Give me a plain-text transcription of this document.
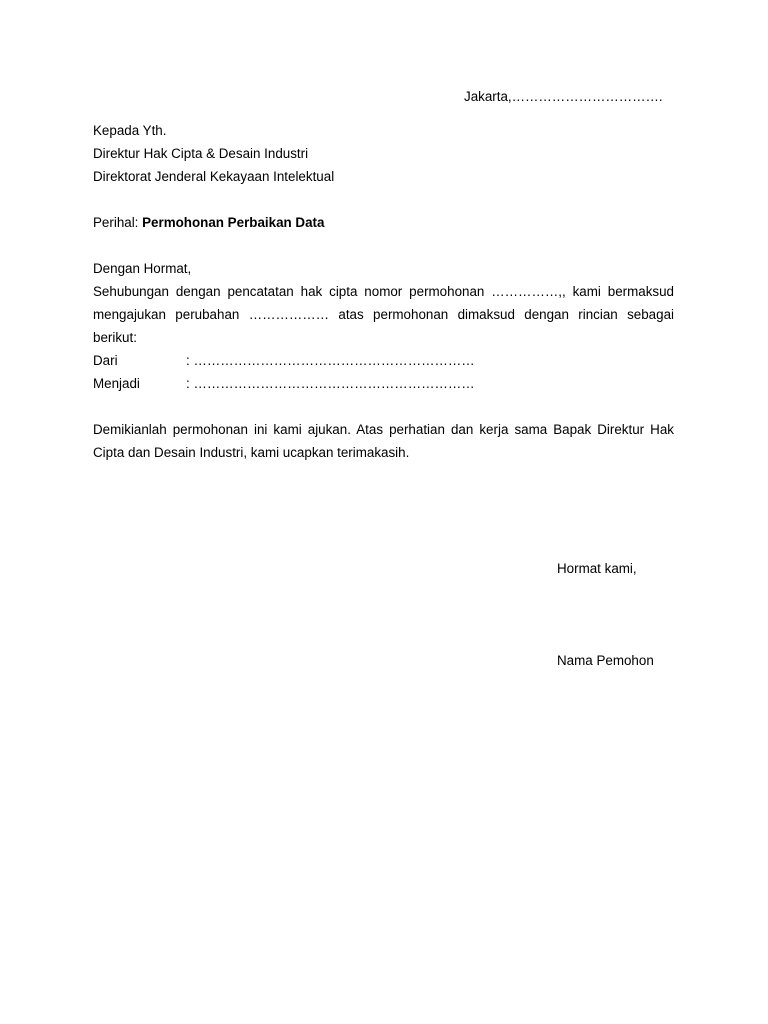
Jakarta,…………………………….
Kepada Yth.
Direktur Hak Cipta & Desain Industri
Direktorat Jenderal Kekayaan Intelektual
Perihal: Permohonan Perbaikan Data
Dengan Hormat,
Sehubungan dengan pencatatan hak cipta nomor permohonan ……………,, kami bermaksud mengajukan perubahan ……………… atas permohonan dimaksud dengan rincian sebagai berikut:
Dari	: ………………………………………………………
Menjadi	: ………………………………………………………
Demikianlah permohonan ini kami ajukan. Atas perhatian dan kerja sama Bapak Direktur Hak Cipta dan Desain Industri, kami ucapkan terimakasih.
Hormat kami,
Nama Pemohon
